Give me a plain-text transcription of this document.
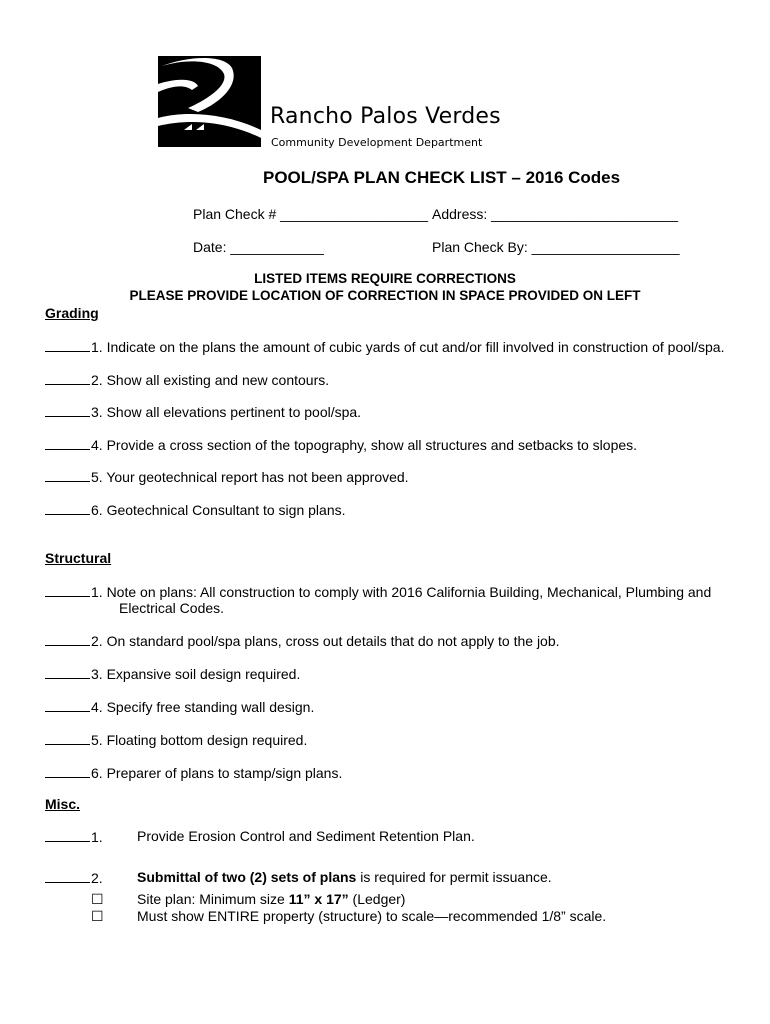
Rancho Palos Verdes
Community Development Department
POOL/SPA PLAN CHECK LIST – 2016 Codes
Plan Check # ___________________ Address: ________________________
Date: ____________	Plan Check By: ___________________
LISTED ITEMS REQUIRE CORRECTIONS
PLEASE PROVIDE LOCATION OF CORRECTION IN SPACE PROVIDED ON LEFT
Grading
1. Indicate on the plans the amount of cubic yards of cut and/or fill involved in construction of pool/spa.
2. Show all existing and new contours.
3. Show all elevations pertinent to pool/spa.
4. Provide a cross section of the topography, show all structures and setbacks to slopes.
5. Your geotechnical report has not been approved.
6. Geotechnical Consultant to sign plans.
Structural
1. Note on plans: All construction to comply with 2016 California Building, Mechanical, Plumbing and
Electrical Codes.
2. On standard pool/spa plans, cross out details that do not apply to the job.
3. Expansive soil design required.
4. Specify free standing wall design.
5. Floating bottom design required.
6. Preparer of plans to stamp/sign plans.
Misc.
1. Provide Erosion Control and Sediment Retention Plan.
2. Submittal of two (2) sets of plans is required for permit issuance.
☐ Site plan: Minimum size 11” x 17” (Ledger)
☐ Must show ENTIRE property (structure) to scale—recommended 1/8” scale.
